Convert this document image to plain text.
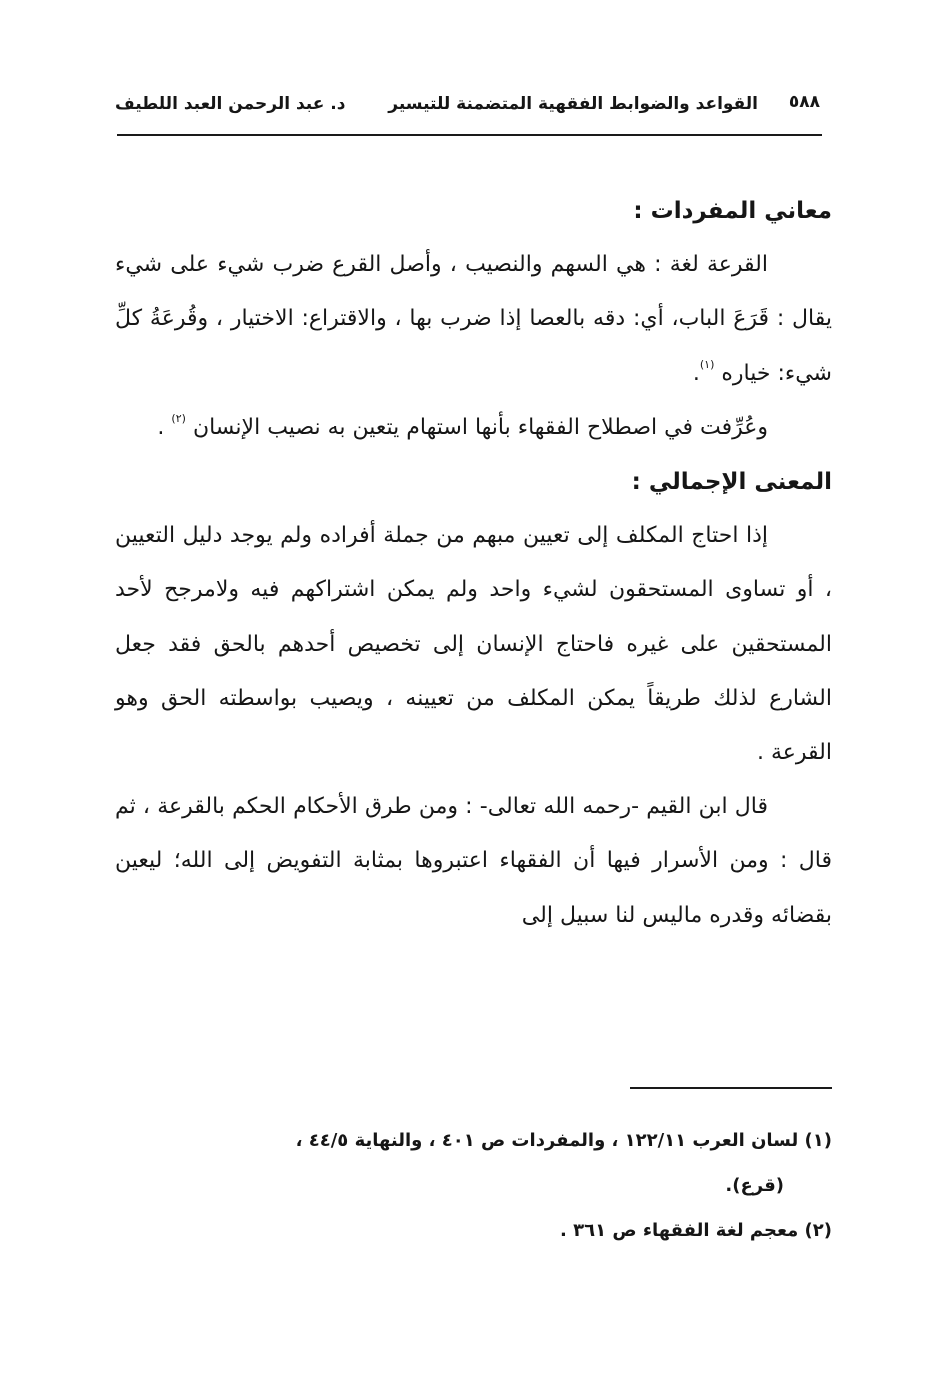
٥٨٨
القواعد والضوابط الفقهية المتضمنة للتيسير
د. عبد الرحمن العبد اللطيف
معاني المفردات :

القرعة لغة : هي السهم والنصيب ، وأصل القرع ضرب شيء على شيء يقال : قَرَعَ الباب، أي: دقه بالعصا إذا ضرب بها ، والاقتراع: الاختيار ، وقُرعَةُ كلِّ شيء: خياره $^{(١)}$.

وعُرِّفت في اصطلاح الفقهاء بأنها استهام يتعين به نصيب الإنسان $^{(٢)}$ .

المعنى الإجمالي :

إذا احتاج المكلف إلى تعيين مبهم من جملة أفراده ولم يوجد دليل التعيين ، أو تساوى المستحقون لشيء واحد ولم يمكن اشتراكهم فيه ولامرجح لأحد المستحقين على غيره فاحتاج الإنسان إلى تخصيص أحدهم بالحق فقد جعل الشارع لذلك طريقاً يمكن المكلف من تعيينه ، ويصيب بواسطته الحق وهو القرعة .

قال ابن القيم -رحمه الله تعالى- : ومن طرق الأحكام الحكم بالقرعة ، ثم قال : ومن الأسرار فيها أن الفقهاء اعتبروها بمثابة التفويض إلى الله؛ ليعين بقضائه وقدره ماليس لنا سبيل إلى

(١) لسان العرب ١٢٢/١١ ، والمفردات ص ٤٠١ ، والنهاية ٤٤/٥ ،

(قرع).

(٢) معجم لغة الفقهاء ص ٣٦١ .
